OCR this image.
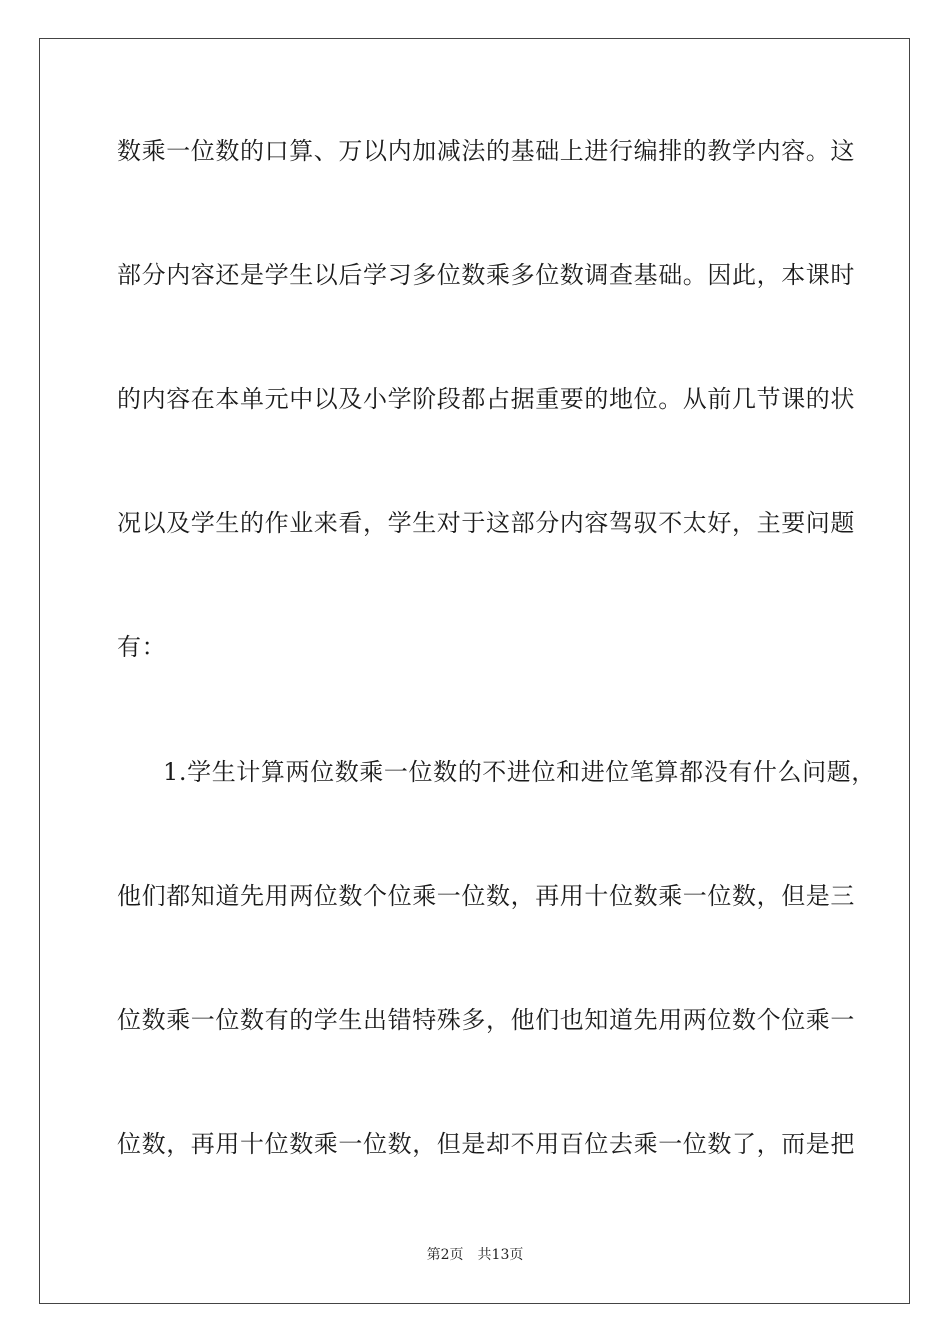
数乘一位数的口算、万以内加减法的基础上进行编排的教学内容。这
部分内容还是学生以后学习多位数乘多位数调查基础。因此，本课时
的内容在本单元中以及小学阶段都占据重要的地位。从前几节课的状
况以及学生的作业来看，学生对于这部分内容驾驭不太好，主要问题
有：
1.学生计算两位数乘一位数的不进位和进位笔算都没有什么问题，
他们都知道先用两位数个位乘一位数，再用十位数乘一位数，但是三
位数乘一位数有的学生出错特殊多，他们也知道先用两位数个位乘一
位数，再用十位数乘一位数，但是却不用百位去乘一位数了，而是把
第2页 共13页
